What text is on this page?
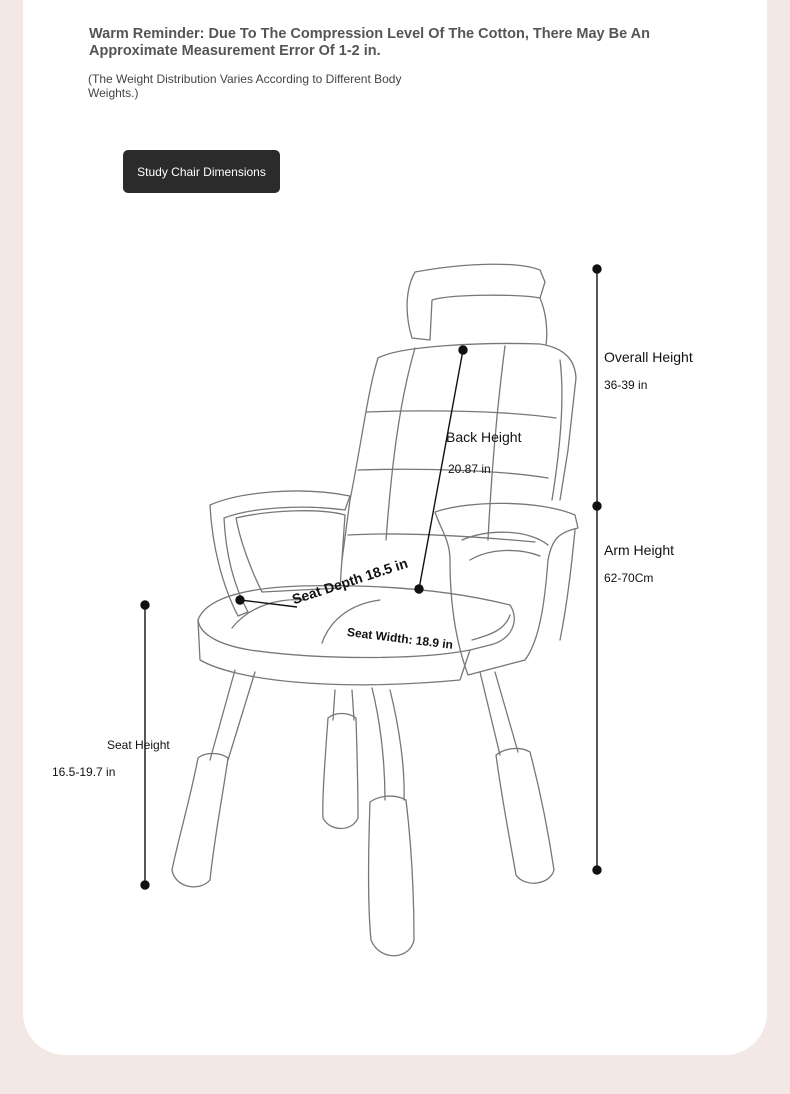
Warm Reminder: Due To The Compression Level Of The Cotton, There May Be An Approximate Measurement Error Of 1-2 in.
(The Weight Distribution Varies According to Different Body Weights.)
Study Chair Dimensions
Overall Height
36-39 in
Back Height
20.87 in
Arm Height
62-70Cm
Seat Depth 18.5 in
Seat Width: 18.9 in
Seat Height
16.5-19.7 in
